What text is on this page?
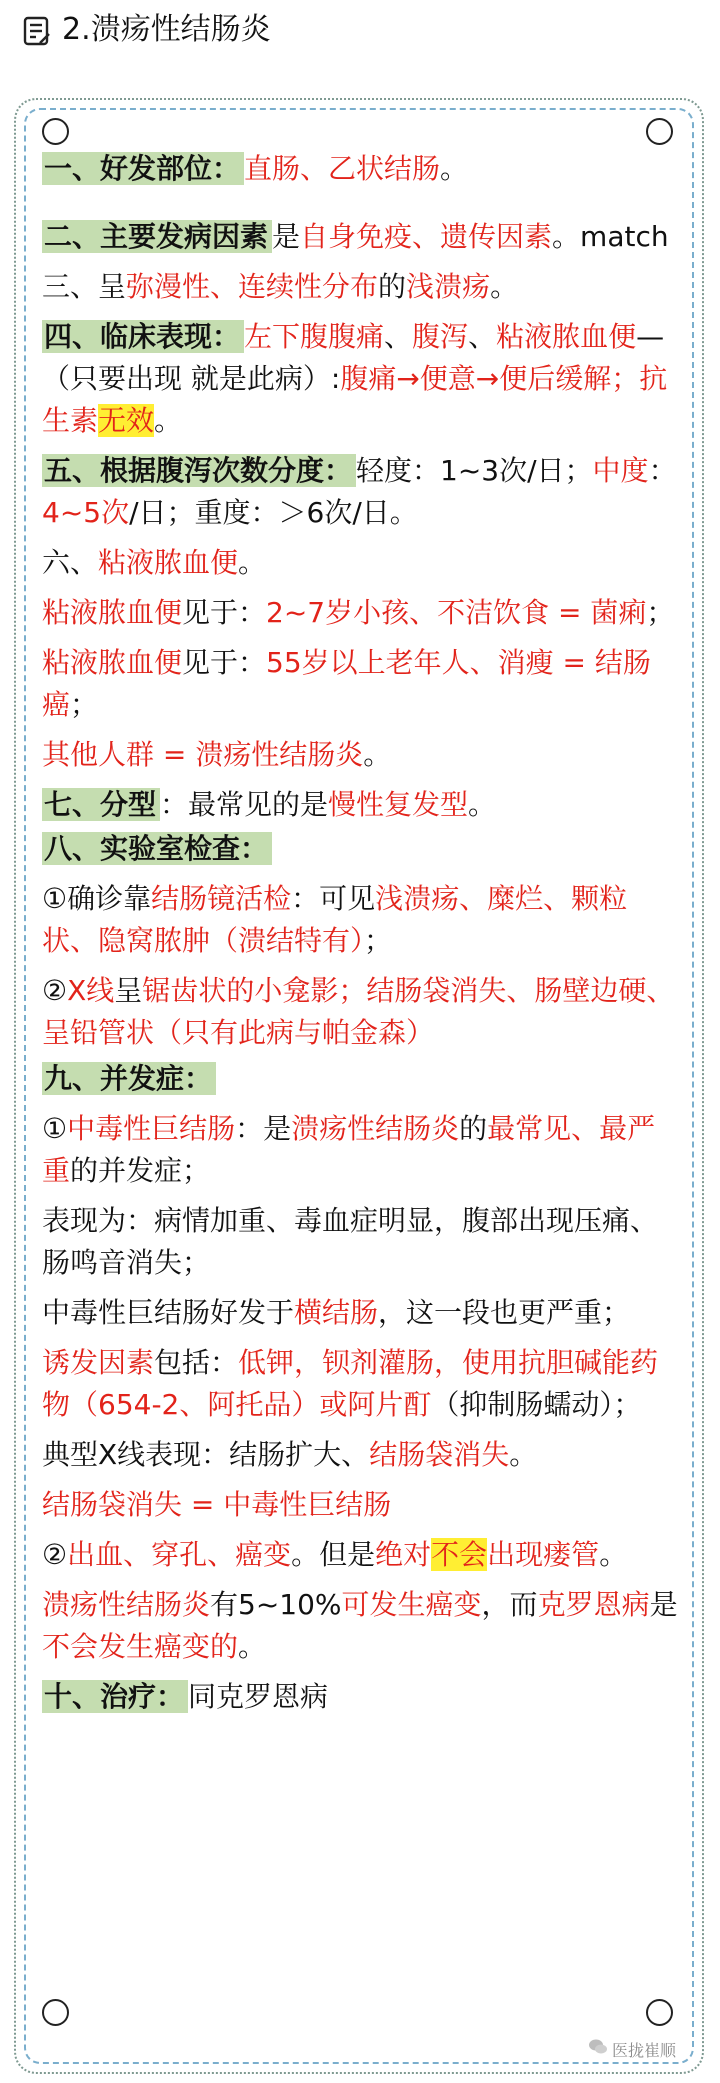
2.溃疡性结肠炎

一、好发部位： 直肠、乙状结肠。

二、主要发病因素 是自身免疫、遗传因素。match

三、呈弥漫性、连续性分布的浅溃疡。

四、临床表现： 左下腹腹痛、腹泻、粘液脓血便—（只要出现 就是此病）:腹痛→便意→便后缓解；抗生素无效。

五、根据腹泻次数分度： 轻度：1~3次/日；中度：4~5次/日；重度：＞6次/日。

六、粘液脓血便。

粘液脓血便见于：2~7岁小孩、不洁饮食 = 菌痢；

粘液脓血便见于：55岁以上老年人、消瘦 = 结肠癌；

其他人群 = 溃疡性结肠炎。

七、分型 ：最常见的是慢性复发型。

八、实验室检查：

①确诊靠结肠镜活检：可见浅溃疡、糜烂、颗粒状、隐窝脓肿（溃结特有）；

②X线呈锯齿状的小龛影；结肠袋消失、肠壁边硬、呈铅管状（只有此病与帕金森）

九、并发症：

①中毒性巨结肠：是溃疡性结肠炎的最常见、最严重的并发症；

表现为：病情加重、毒血症明显，腹部出现压痛、肠鸣音消失；

中毒性巨结肠好发于横结肠，这一段也更严重；

诱发因素包括：低钾，钡剂灌肠，使用抗胆碱能药物（654-2、阿托品）或阿片酊（抑制肠蠕动）；

典型X线表现：结肠扩大、结肠袋消失。

结肠袋消失 = 中毒性巨结肠

②出血、穿孔、癌变。但是绝对不会出现瘘管。

溃疡性结肠炎有5~10%可发生癌变，而克罗恩病是不会发生癌变的。

十、治疗： 同克罗恩病

医拢崔顺
